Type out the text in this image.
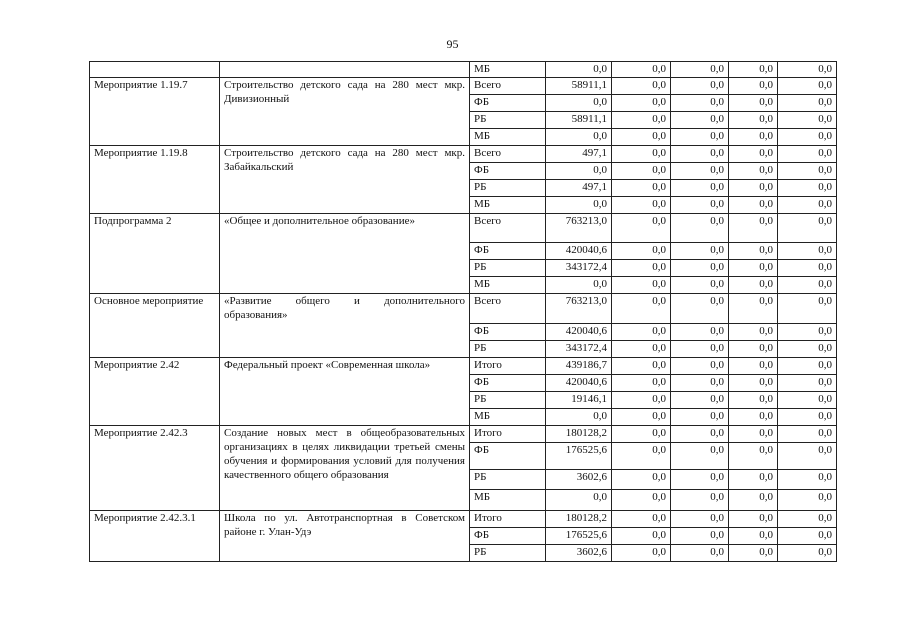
95
		МБ	0,0	0,0	0,0	0,0	0,0
Мероприятие 1.19.7	Строительство детского сада на 280 мест мкр. Дивизионный	Всего	58911,1	0,0	0,0	0,0	0,0
		ФБ	0,0	0,0	0,0	0,0	0,0
		РБ	58911,1	0,0	0,0	0,0	0,0
		МБ	0,0	0,0	0,0	0,0	0,0
Мероприятие 1.19.8	Строительство детского сада на 280 мест мкр. Забайкальский	Всего	497,1	0,0	0,0	0,0	0,0
		ФБ	0,0	0,0	0,0	0,0	0,0
		РБ	497,1	0,0	0,0	0,0	0,0
		МБ	0,0	0,0	0,0	0,0	0,0
Подпрограмма 2	«Общее и дополнительное образование»	Всего	763213,0	0,0	0,0	0,0	0,0
		ФБ	420040,6	0,0	0,0	0,0	0,0
		РБ	343172,4	0,0	0,0	0,0	0,0
		МБ	0,0	0,0	0,0	0,0	0,0
Основное мероприятие	«Развитие общего и дополнительного образования»	Всего	763213,0	0,0	0,0	0,0	0,0
		ФБ	420040,6	0,0	0,0	0,0	0,0
		РБ	343172,4	0,0	0,0	0,0	0,0
Мероприятие 2.42	Федеральный проект «Современная школа»	Итого	439186,7	0,0	0,0	0,0	0,0
		ФБ	420040,6	0,0	0,0	0,0	0,0
		РБ	19146,1	0,0	0,0	0,0	0,0
		МБ	0,0	0,0	0,0	0,0	0,0
Мероприятие 2.42.3	Создание новых мест в общеобразовательных организациях в целях ликвидации третьей смены обучения и формирования условий для получения качественного общего образования	Итого	180128,2	0,0	0,0	0,0	0,0
		ФБ	176525,6	0,0	0,0	0,0	0,0
		РБ	3602,6	0,0	0,0	0,0	0,0
		МБ	0,0	0,0	0,0	0,0	0,0
Мероприятие 2.42.3.1	Школа по ул. Автотранспортная в Советском районе г. Улан-Удэ	Итого	180128,2	0,0	0,0	0,0	0,0
		ФБ	176525,6	0,0	0,0	0,0	0,0
		РБ	3602,6	0,0	0,0	0,0	0,0
